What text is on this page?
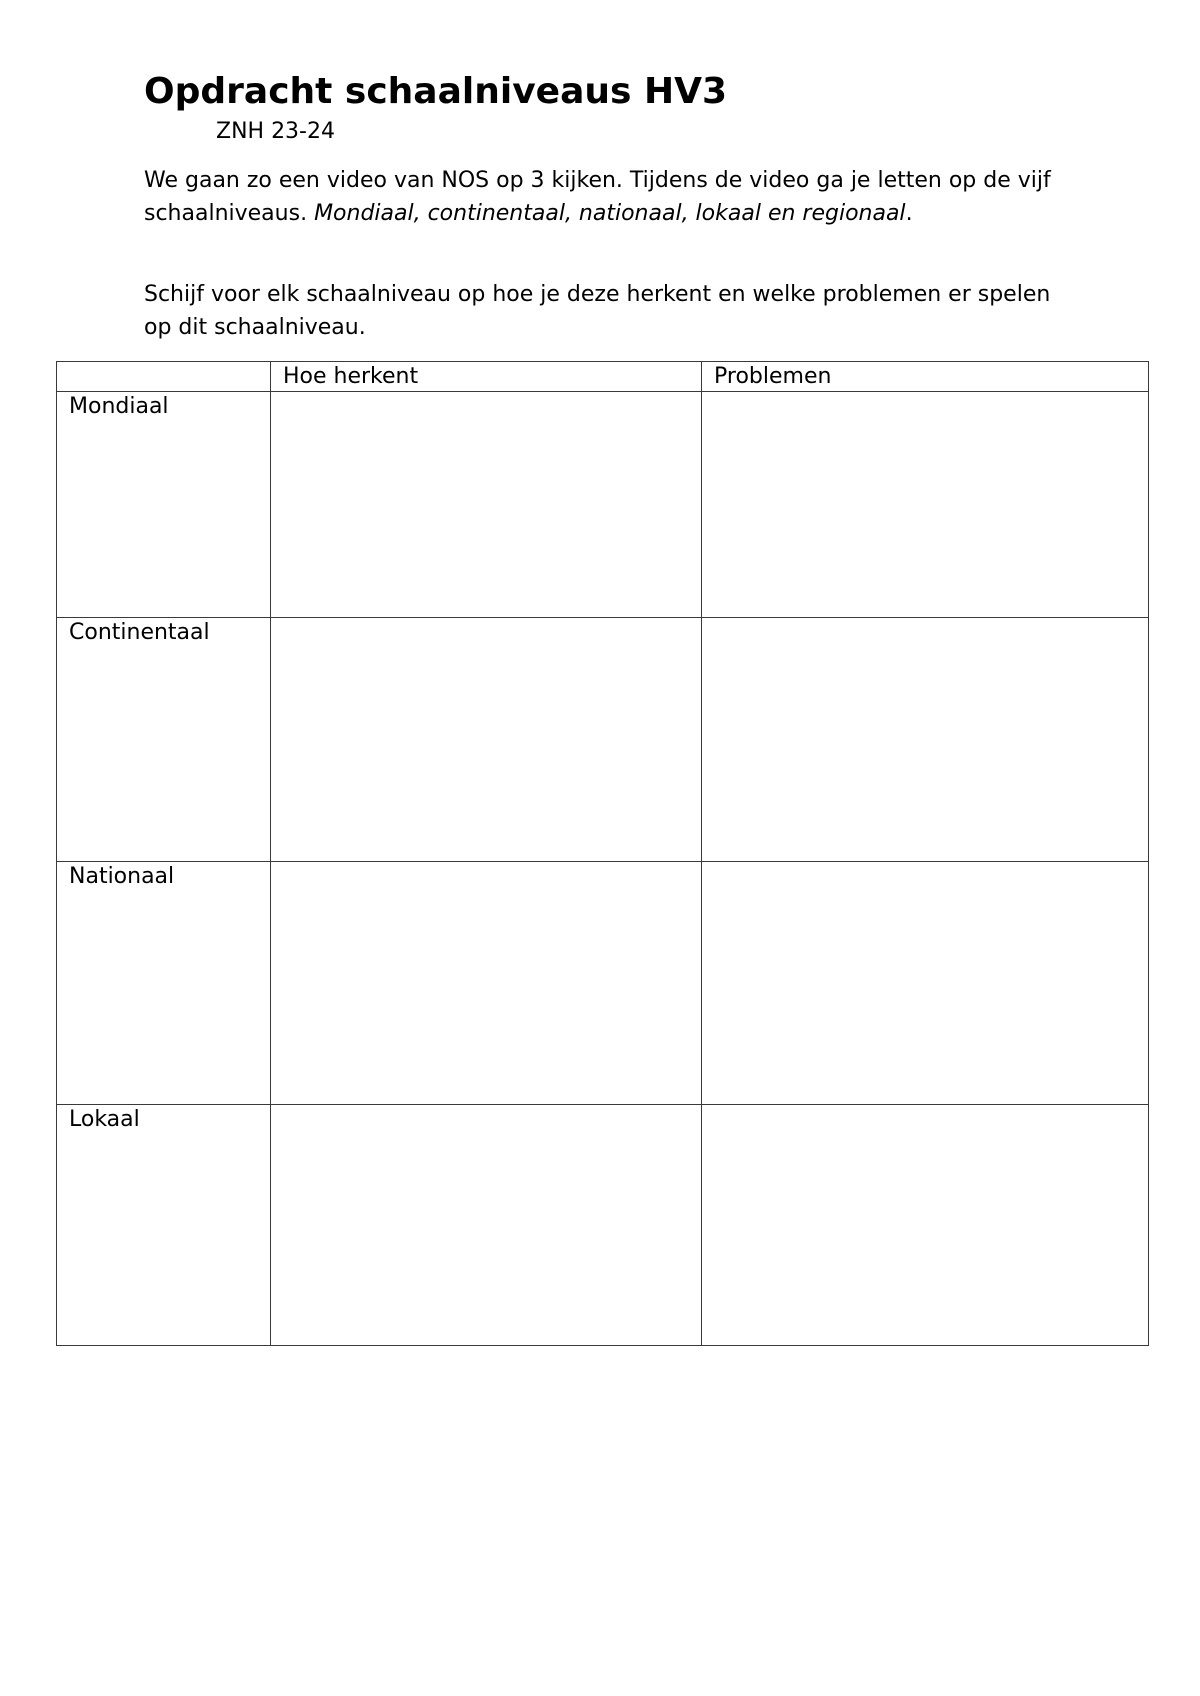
Opdracht schaalniveaus HV3
ZNH 23-24

We gaan zo een video van NOS op 3 kijken. Tijdens de video ga je letten op de vijf schaalniveaus. Mondiaal, continentaal, nationaal, lokaal en regionaal.

Schijf voor elk schaalniveau op hoe je deze herkent en welke problemen er spelen op dit schaalniveau.

	Hoe herkent	Problemen
Mondiaal		
Continentaal		
Nationaal		
Lokaal		
